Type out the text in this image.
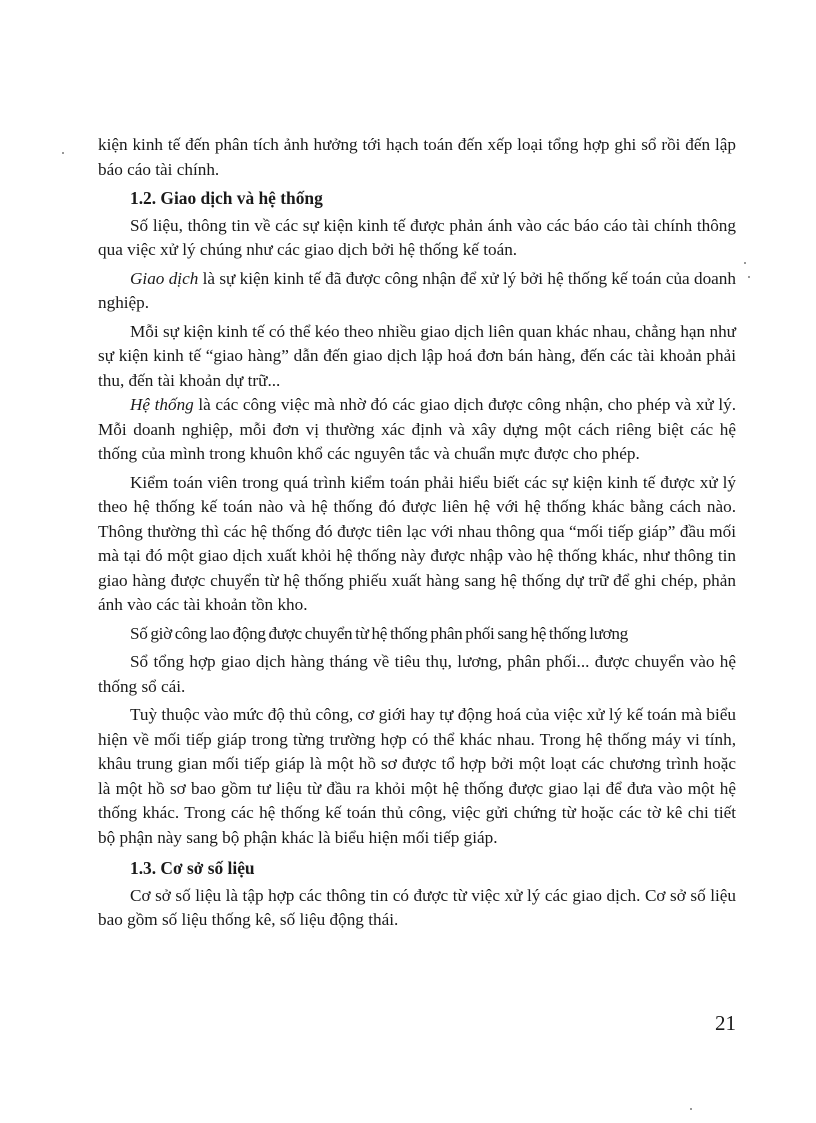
kiện kinh tế đến phân tích ảnh hưởng tới hạch toán đến xếp loại tổng hợp ghi sổ rồi đến lập báo cáo tài chính.

1.2. Giao dịch và hệ thống

Số liệu, thông tin về các sự kiện kinh tế được phản ánh vào các báo cáo tài chính thông qua việc xử lý chúng như các giao dịch bởi hệ thống kế toán.

Giao dịch là sự kiện kinh tế đã được công nhận để xử lý bởi hệ thống kế toán của doanh nghiệp.

Mỗi sự kiện kinh tế có thể kéo theo nhiều giao dịch liên quan khác nhau, chẳng hạn như sự kiện kinh tế “giao hàng” dẫn đến giao dịch lập hoá đơn bán hàng, đến các tài khoản phải thu, đến tài khoản dự trữ...

Hệ thống là các công việc mà nhờ đó các giao dịch được công nhận, cho phép và xử lý. Mỗi doanh nghiệp, mỗi đơn vị thường xác định và xây dựng một cách riêng biệt các hệ thống của mình trong khuôn khổ các nguyên tắc và chuẩn mực được cho phép.

Kiểm toán viên trong quá trình kiểm toán phải hiểu biết các sự kiện kinh tế được xử lý theo hệ thống kế toán nào và hệ thống đó được liên hệ với hệ thống khác bằng cách nào. Thông thường thì các hệ thống đó được tiên lạc với nhau thông qua “mối tiếp giáp” đầu mối mà tại đó một giao dịch xuất khỏi hệ thống này được nhập vào hệ thống khác, như thông tin giao hàng được chuyển từ hệ thống phiếu xuất hàng sang hệ thống dự trữ để ghi chép, phản ánh vào các tài khoản tồn kho.

Số giờ công lao động được chuyển từ hệ thống phân phối sang hệ thống lương

Sổ tổng hợp giao dịch hàng tháng về tiêu thụ, lương, phân phối... được chuyển vào hệ thống sổ cái.

Tuỳ thuộc vào mức độ thủ công, cơ giới hay tự động hoá của việc xử lý kế toán mà biểu hiện về mối tiếp giáp trong từng trường hợp có thể khác nhau. Trong hệ thống máy vi tính, khâu trung gian mối tiếp giáp là một hồ sơ được tổ hợp bởi một loạt các chương trình hoặc là một hồ sơ bao gồm tư liệu từ đầu ra khỏi một hệ thống được giao lại để đưa vào một hệ thống khác. Trong các hệ thống kế toán thủ công, việc gửi chứng từ hoặc các tờ kê chi tiết bộ phận này sang bộ phận khác là biểu hiện mối tiếp giáp.

1.3. Cơ sở số liệu

Cơ sở số liệu là tập hợp các thông tin có được từ việc xử lý các giao dịch. Cơ sở số liệu bao gồm số liệu thống kê, số liệu động thái.

21
